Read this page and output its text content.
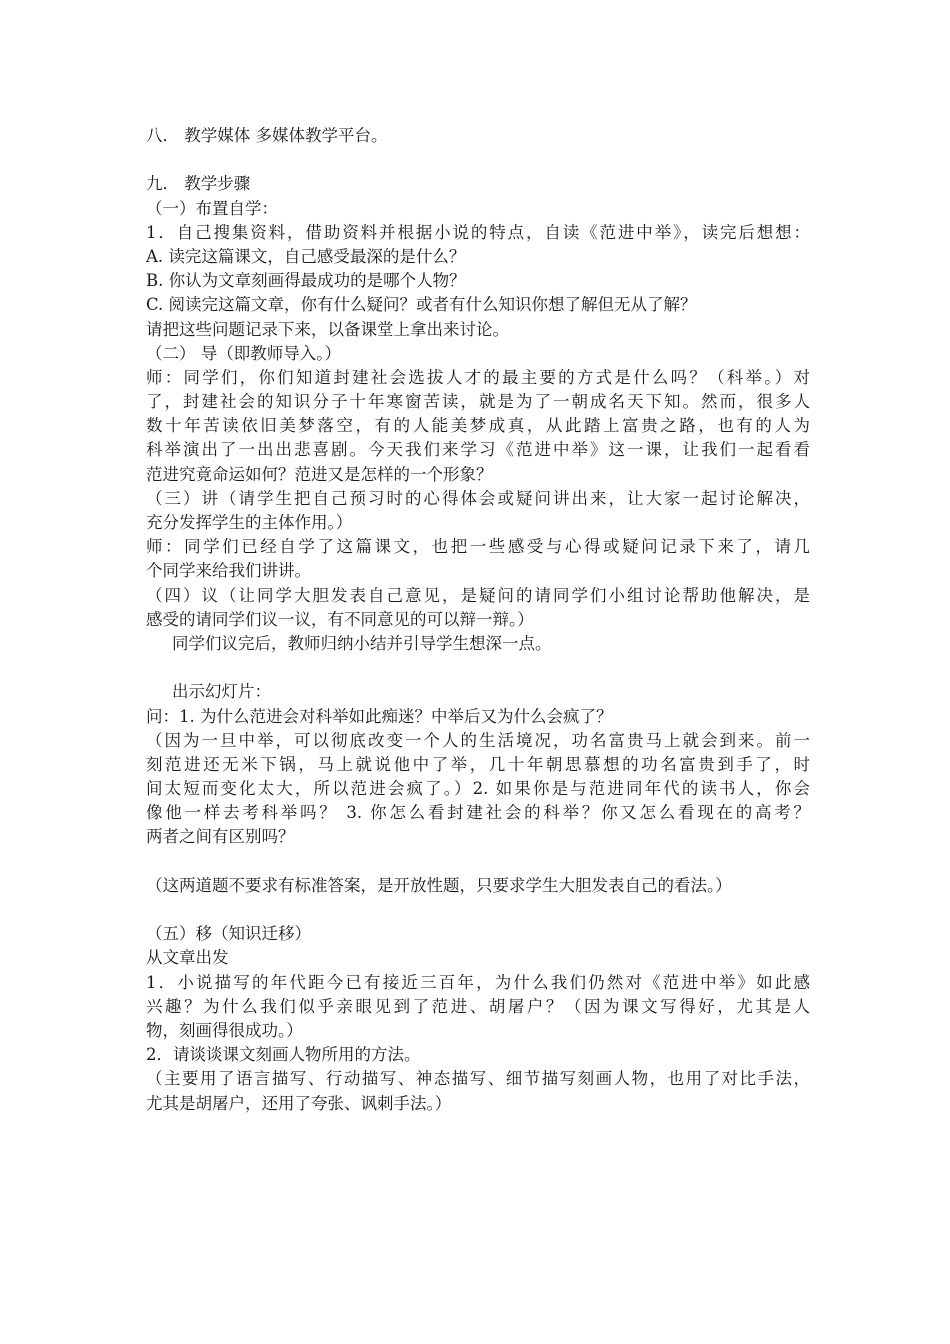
八． 教学媒体 多媒体教学平台。
九． 教学步骤
（一）布置自学：
1．自己搜集资料，借助资料并根据小说的特点，自读《范进中举》，读完后想想：
A. 读完这篇课文，自己感受最深的是什么？
B. 你认为文章刻画得最成功的是哪个人物？
C. 阅读完这篇文章，你有什么疑问？或者有什么知识你想了解但无从了解？
请把这些问题记录下来，以备课堂上拿出来讨论。
（二） 导（即教师导入。）
师：同学们，你们知道封建社会选拔人才的最主要的方式是什么吗？（科举。）对
了，封建社会的知识分子十年寒窗苦读，就是为了一朝成名天下知。然而，很多人
数十年苦读依旧美梦落空，有的人能美梦成真，从此踏上富贵之路，也有的人为
科举演出了一出出悲喜剧。今天我们来学习《范进中举》这一课，让我们一起看看
范进究竟命运如何？范进又是怎样的一个形象？
（三）讲（请学生把自己预习时的心得体会或疑问讲出来，让大家一起讨论解决，
充分发挥学生的主体作用。）
师：同学们已经自学了这篇课文，也把一些感受与心得或疑问记录下来了，请几
个同学来给我们讲讲。
（四）议（让同学大胆发表自己意见，是疑问的请同学们小组讨论帮助他解决，是
感受的请同学们议一议，有不同意见的可以辩一辩。）
同学们议完后，教师归纳小结并引导学生想深一点。
出示幻灯片：
问：1. 为什么范进会对科举如此痴迷？中举后又为什么会疯了？
（因为一旦中举，可以彻底改变一个人的生活境况，功名富贵马上就会到来。前一
刻范进还无米下锅，马上就说他中了举，几十年朝思慕想的功名富贵到手了，时
间太短而变化太大，所以范进会疯了。）2. 如果你是与范进同年代的读书人，你会
像他一样去考科举吗？ 3. 你怎么看封建社会的科举？你又怎么看现在的高考？
两者之间有区别吗？
（这两道题不要求有标准答案，是开放性题，只要求学生大胆发表自己的看法。）
（五）移（知识迁移）
从文章出发
1．小说描写的年代距今已有接近三百年，为什么我们仍然对《范进中举》如此感
兴趣？为什么我们似乎亲眼见到了范进、胡屠户？（因为课文写得好，尤其是人
物，刻画得很成功。）
2．请谈谈课文刻画人物所用的方法。
（主要用了语言描写、行动描写、神态描写、细节描写刻画人物，也用了对比手法，
尤其是胡屠户，还用了夸张、讽刺手法。）
